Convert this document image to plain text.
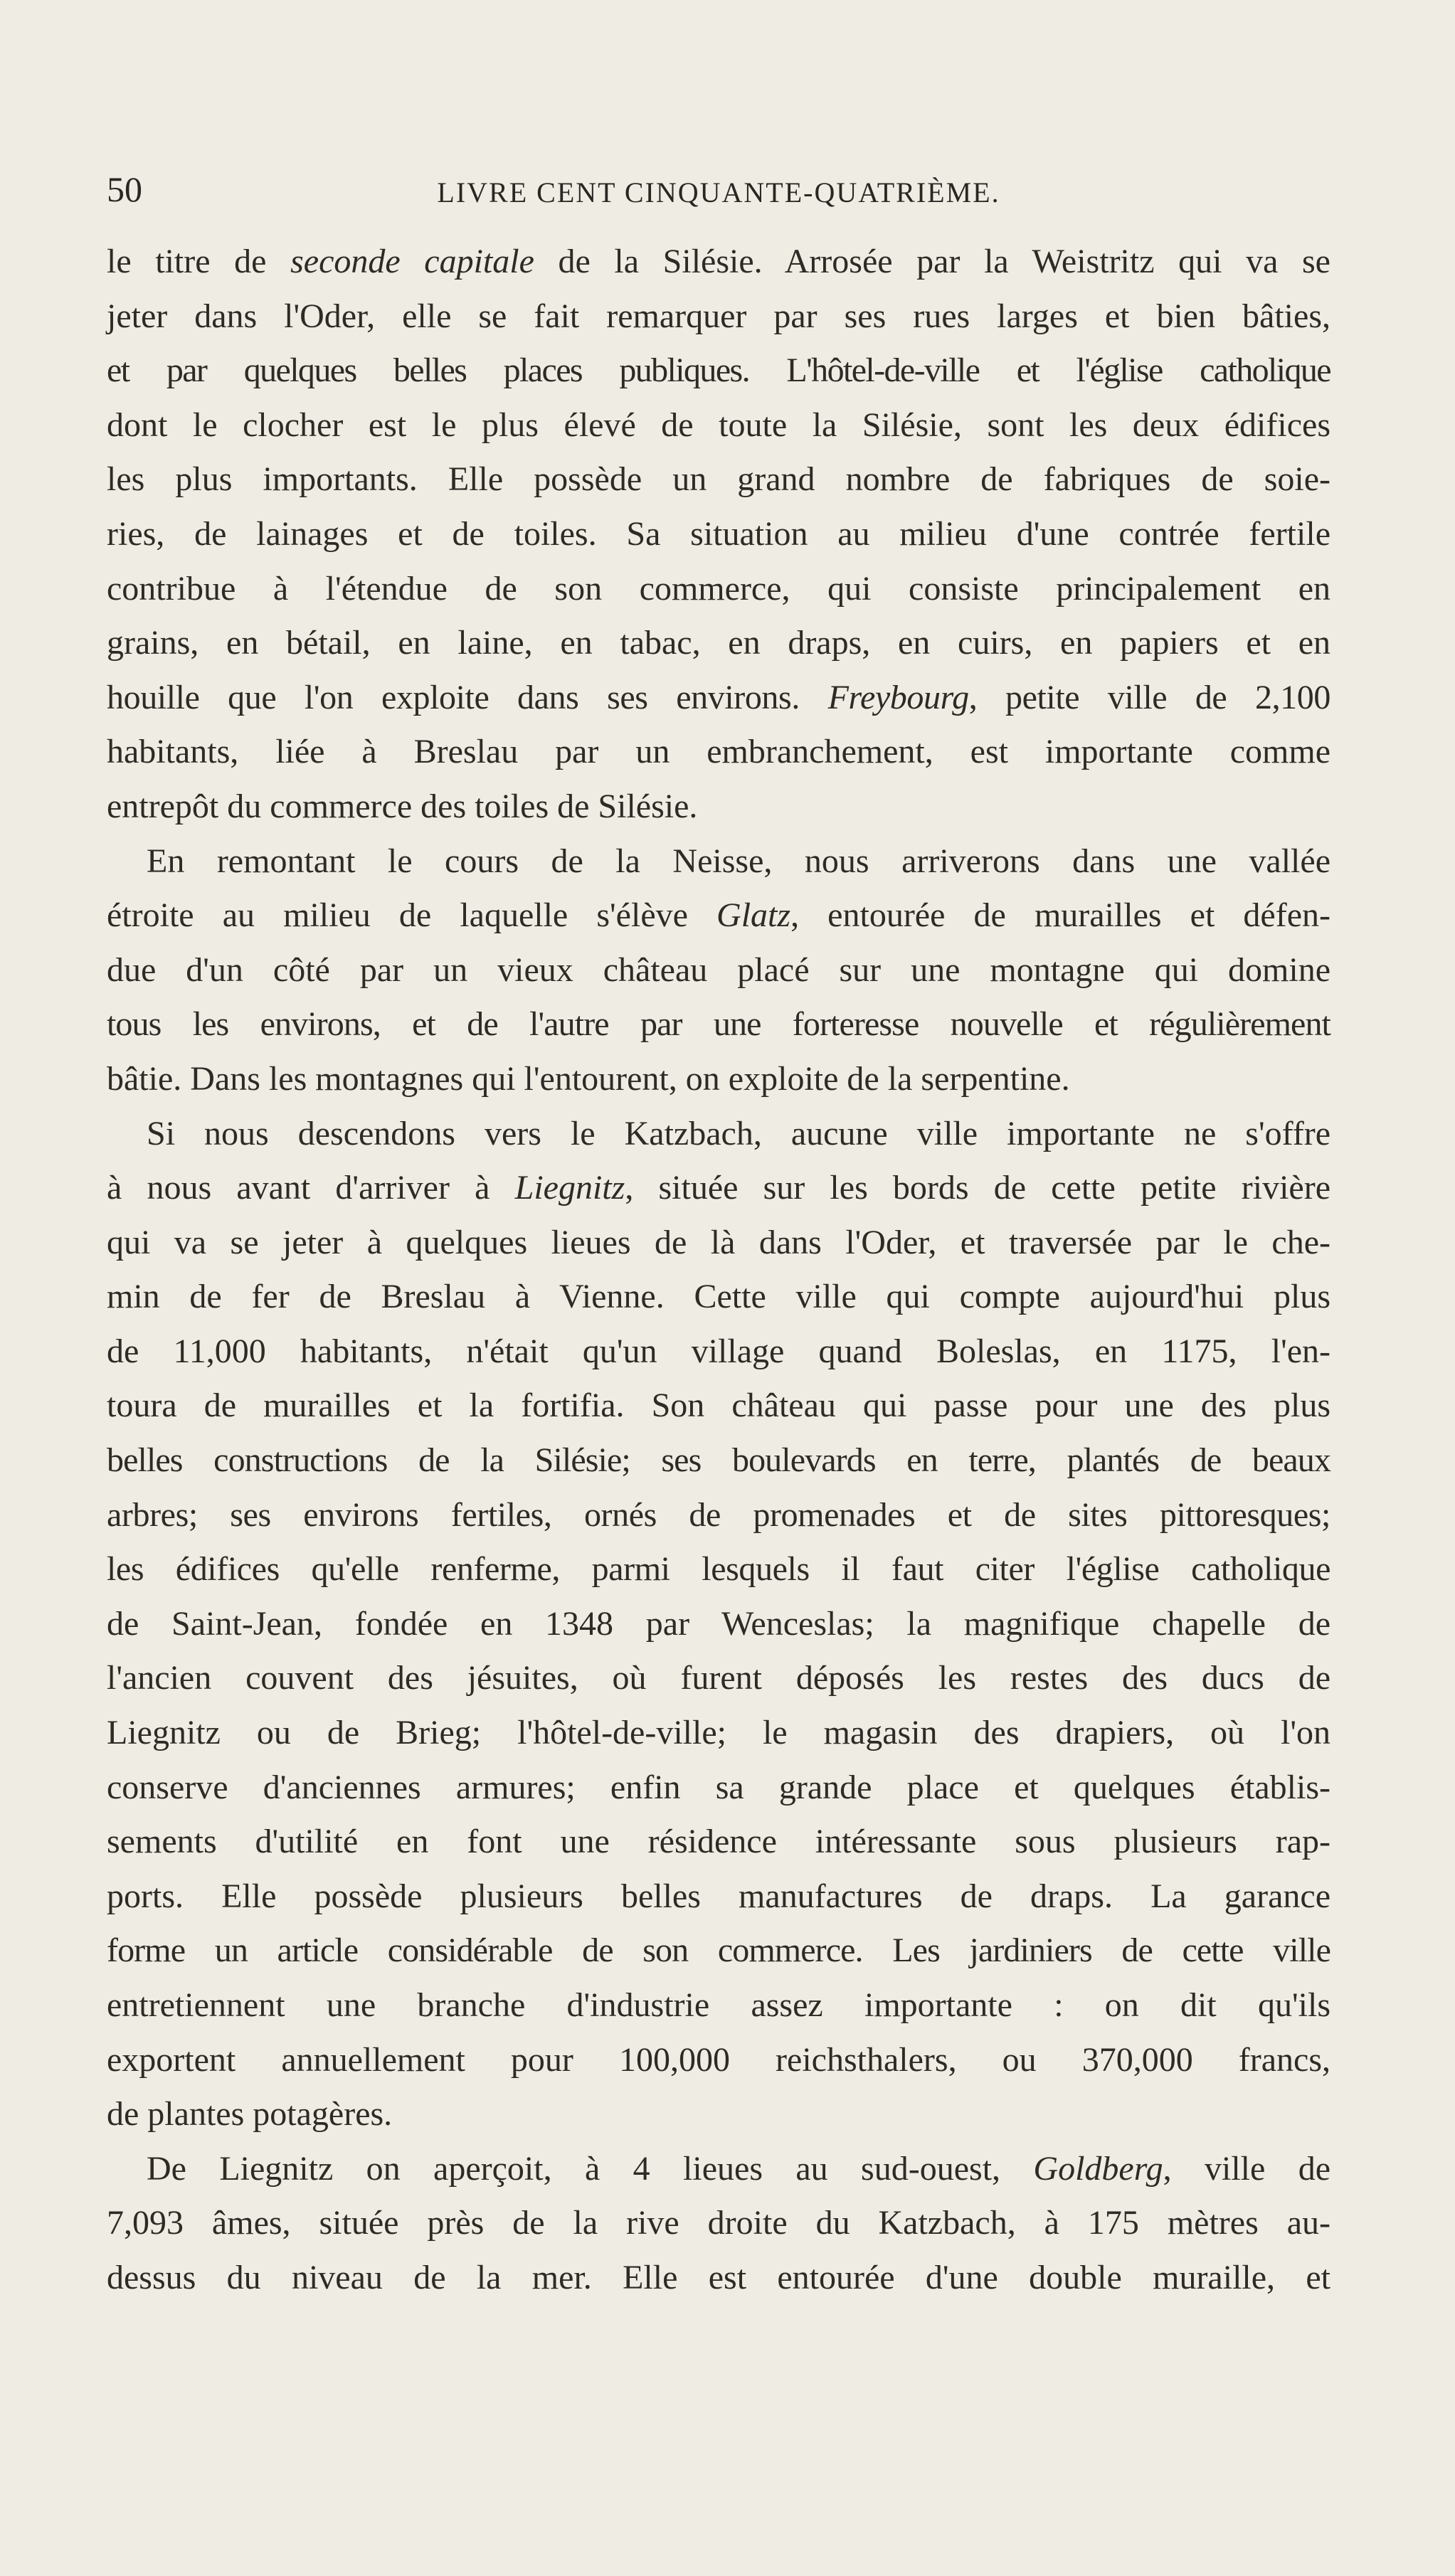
50	LIVRE CENT CINQUANTE-QUATRIÈME.
le titre de seconde capitale de la Silésie. Arrosée par la Weistritz qui va se
jeter dans l'Oder, elle se fait remarquer par ses rues larges et bien bâties,
et par quelques belles places publiques. L'hôtel-de-ville et l'église catholique
dont le clocher est le plus élevé de toute la Silésie, sont les deux édifices
les plus importants. Elle possède un grand nombre de fabriques de soie-
ries, de lainages et de toiles. Sa situation au milieu d'une contrée fertile
contribue à l'étendue de son commerce, qui consiste principalement en
grains, en bétail, en laine, en tabac, en draps, en cuirs, en papiers et en
houille que l'on exploite dans ses environs. Freybourg, petite ville de 2,100
habitants, liée à Breslau par un embranchement, est importante comme
entrepôt du commerce des toiles de Silésie.
En remontant le cours de la Neisse, nous arriverons dans une vallée
étroite au milieu de laquelle s'élève Glatz, entourée de murailles et défen-
due d'un côté par un vieux château placé sur une montagne qui domine
tous les environs, et de l'autre par une forteresse nouvelle et régulièrement
bâtie. Dans les montagnes qui l'entourent, on exploite de la serpentine.
Si nous descendons vers le Katzbach, aucune ville importante ne s'offre
à nous avant d'arriver à Liegnitz, située sur les bords de cette petite rivière
qui va se jeter à quelques lieues de là dans l'Oder, et traversée par le che-
min de fer de Breslau à Vienne. Cette ville qui compte aujourd'hui plus
de 11,000 habitants, n'était qu'un village quand Boleslas, en 1175, l'en-
toura de murailles et la fortifia. Son château qui passe pour une des plus
belles constructions de la Silésie; ses boulevards en terre, plantés de beaux
arbres; ses environs fertiles, ornés de promenades et de sites pittoresques;
les édifices qu'elle renferme, parmi lesquels il faut citer l'église catholique
de Saint-Jean, fondée en 1348 par Wenceslas; la magnifique chapelle de
l'ancien couvent des jésuites, où furent déposés les restes des ducs de
Liegnitz ou de Brieg; l'hôtel-de-ville; le magasin des drapiers, où l'on
conserve d'anciennes armures; enfin sa grande place et quelques établis-
sements d'utilité en font une résidence intéressante sous plusieurs rap-
ports. Elle possède plusieurs belles manufactures de draps. La garance
forme un article considérable de son commerce. Les jardiniers de cette ville
entretiennent une branche d'industrie assez importante : on dit qu'ils
exportent annuellement pour 100,000 reichsthalers, ou 370,000 francs,
de plantes potagères.
De Liegnitz on aperçoit, à 4 lieues au sud-ouest, Goldberg, ville de
7,093 âmes, située près de la rive droite du Katzbach, à 175 mètres au-
dessus du niveau de la mer. Elle est entourée d'une double muraille, et
